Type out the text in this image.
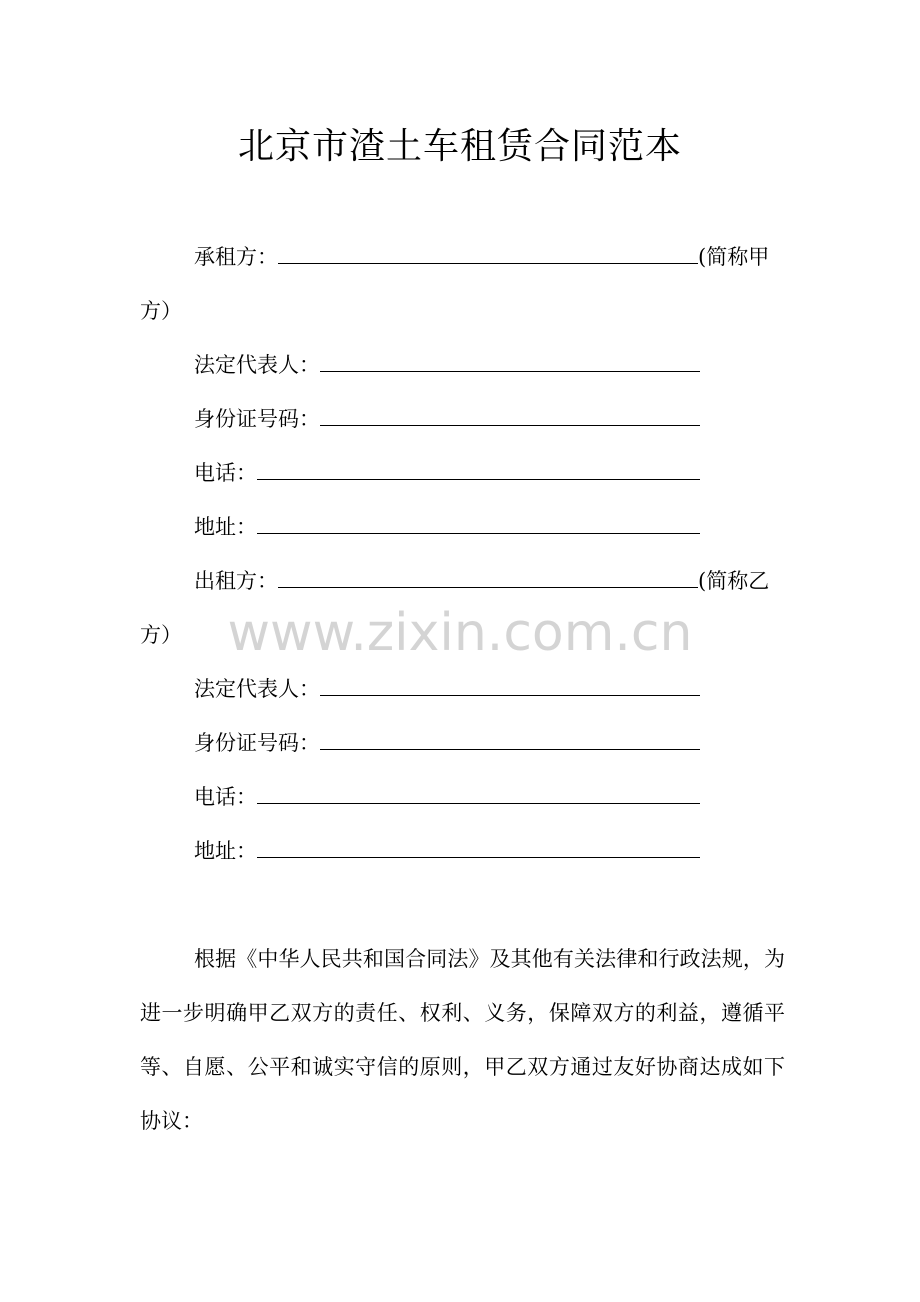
北京市渣土车租赁合同范本
承租方：	(简称甲
方）
法定代表人：
身份证号码：
电话：
地址：
出租方：	(简称乙
方）
法定代表人：
身份证号码：
电话：
地址：
根据《中华人民共和国合同法》及其他有关法律和行政法规，为进一步明确甲乙双方的责任、权利、义务，保障双方的利益，遵循平等、自愿、公平和诚实守信的原则，甲乙双方通过友好协商达成如下协议：
www.zixin.com.cn
